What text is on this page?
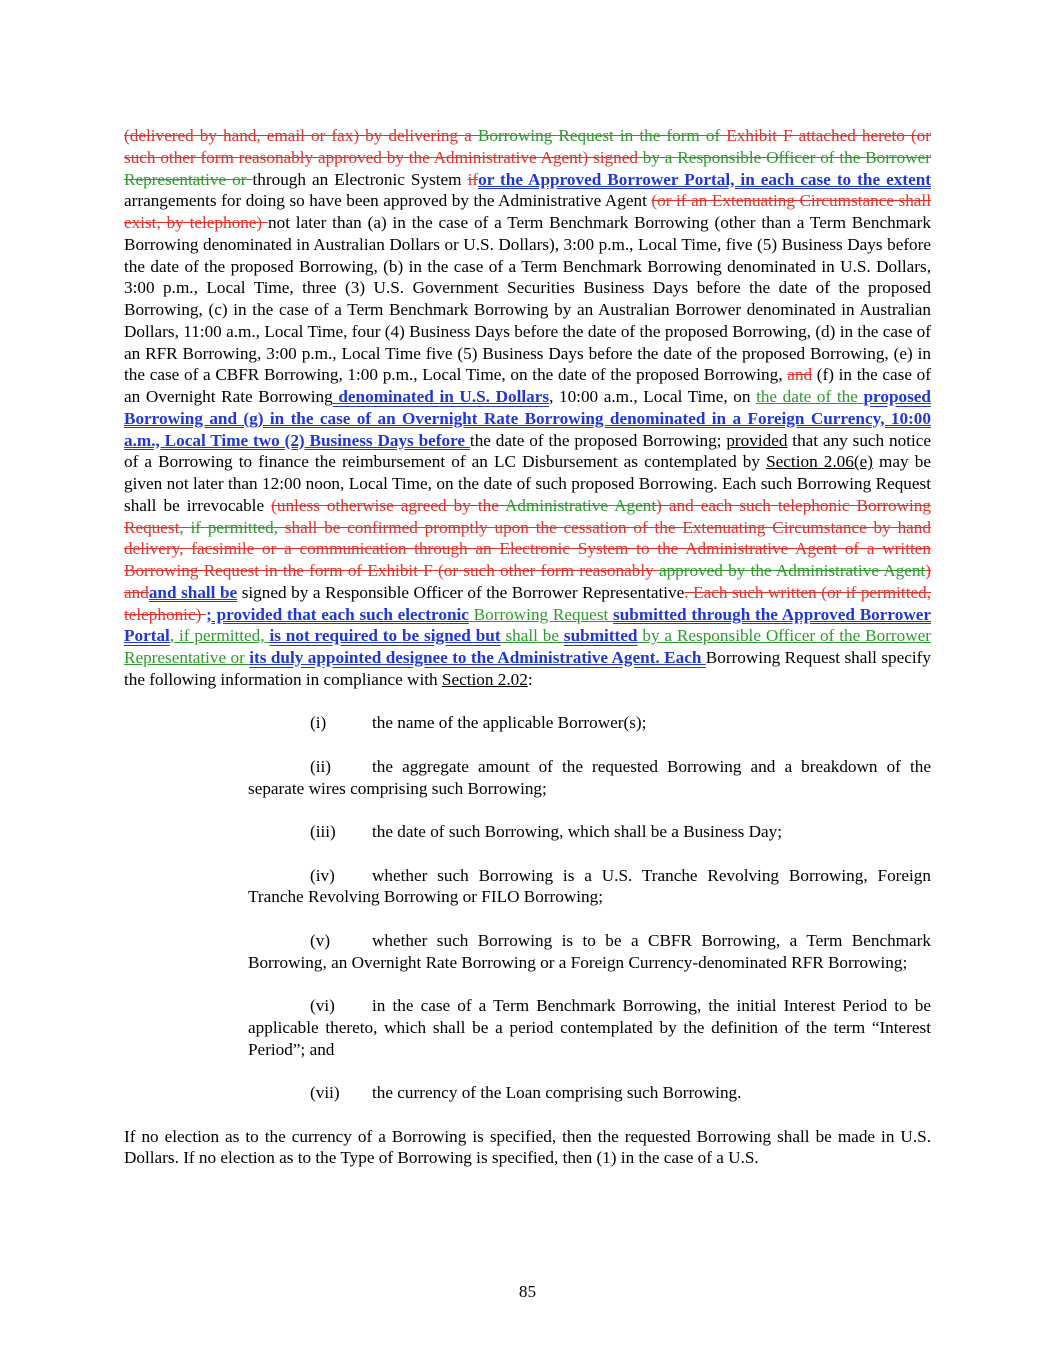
(delivered by hand, email or fax) by delivering a Borrowing Request in the form of Exhibit F attached hereto (or such other form reasonably approved by the Administrative Agent) signed by a Responsible Officer of the Borrower Representative or through an Electronic System ifor the Approved Borrower Portal, in each case to the extent arrangements for doing so have been approved by the Administrative Agent (or if an Extenuating Circumstance shall exist, by telephone) not later than (a) in the case of a Term Benchmark Borrowing (other than a Term Benchmark Borrowing denominated in Australian Dollars or U.S. Dollars), 3:00 p.m., Local Time, five (5) Business Days before the date of the proposed Borrowing, (b) in the case of a Term Benchmark Borrowing denominated in U.S. Dollars, 3:00 p.m., Local Time, three (3) U.S. Government Securities Business Days before the date of the proposed Borrowing, (c) in the case of a Term Benchmark Borrowing by an Australian Borrower denominated in Australian Dollars, 11:00 a.m., Local Time, four (4) Business Days before the date of the proposed Borrowing, (d) in the case of an RFR Borrowing, 3:00 p.m., Local Time five (5) Business Days before the date of the proposed Borrowing, (e) in the case of a CBFR Borrowing, 1:00 p.m., Local Time, on the date of the proposed Borrowing, and (f) in the case of an Overnight Rate Borrowing denominated in U.S. Dollars, 10:00 a.m., Local Time, on the date of the proposed Borrowing and (g) in the case of an Overnight Rate Borrowing denominated in a Foreign Currency, 10:00 a.m., Local Time two (2) Business Days before the date of the proposed Borrowing; provided that any such notice of a Borrowing to finance the reimbursement of an LC Disbursement as contemplated by Section 2.06(e) may be given not later than 12:00 noon, Local Time, on the date of such proposed Borrowing. Each such Borrowing Request shall be irrevocable (unless otherwise agreed by the Administrative Agent) and each such telephonic Borrowing Request, if permitted, shall be confirmed promptly upon the cessation of the Extenuating Circumstance by hand delivery, facsimile or a communication through an Electronic System to the Administrative Agent of a written Borrowing Request in the form of Exhibit F (or such other form reasonably approved by the Administrative Agent) andand shall be signed by a Responsible Officer of the Borrower Representative. Each such written (or if permitted, telephonic) ; provided that each such electronic Borrowing Request submitted through the Approved Borrower Portal, if permitted, is not required to be signed but shall be submitted by a Responsible Officer of the Borrower Representative or its duly appointed designee to the Administrative Agent. Each Borrowing Request shall specify the following information in compliance with Section 2.02:

(i)	the name of the applicable Borrower(s);

(ii) the aggregate amount of the requested Borrowing and a breakdown of the separate wires comprising such Borrowing;

(iii) the date of such Borrowing, which shall be a Business Day;

(iv) whether such Borrowing is a U.S. Tranche Revolving Borrowing, Foreign Tranche Revolving Borrowing or FILO Borrowing;

(v) whether such Borrowing is to be a CBFR Borrowing, a Term Benchmark Borrowing, an Overnight Rate Borrowing or a Foreign Currency-denominated RFR Borrowing;

(vi) in the case of a Term Benchmark Borrowing, the initial Interest Period to be applicable thereto, which shall be a period contemplated by the definition of the term “Interest Period”; and

(vii) the currency of the Loan comprising such Borrowing.

If no election as to the currency of a Borrowing is specified, then the requested Borrowing shall be made in U.S. Dollars. If no election as to the Type of Borrowing is specified, then (1) in the case of a U.S.

85
